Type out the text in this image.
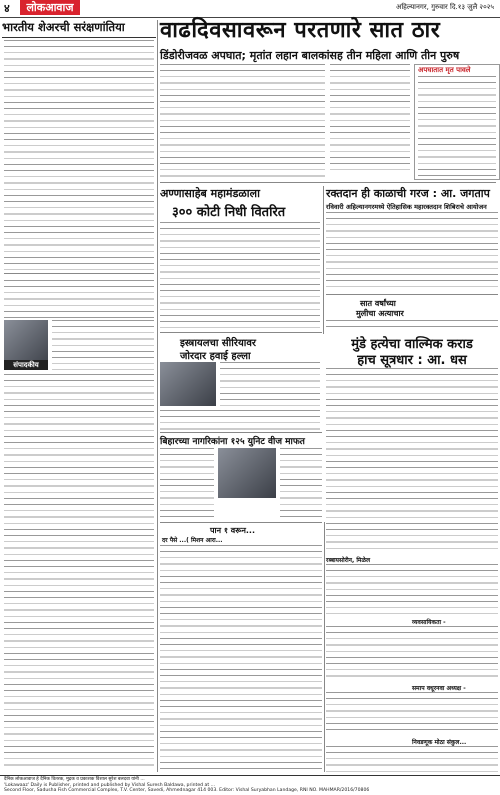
४	लोकआवाज	अहिल्यानगर, गुरुवार दि.१३ जुलै २०२५
भारतीय शेअरची सरंक्षणांतिया
संपादकीय
वाढदिवसावरून परतणारे सात ठार
डिंडोरीजवळ अपघात; मृतांत लहान बालकांसह तीन महिला आणि तीन पुरुष
अपघातात मृत पावले
अण्णासाहेब महामंडळाला
३०० कोटी निधी वितरित
रक्तदान ही काळाची गरज : आ. जगताप
रविवारी अहिल्यानगरमध्ये ऐतिहासिक महारक्तदान शिबिराचे आयोजन
इस्त्रायलचा सीरियावर
जोरदार हवाई हल्ला
सात वर्षांच्या
मुलीचा अत्याचार
मुंडे हत्येचा वाल्मिक कराड
हाच सूत्रधार : आ. धस
बिहारच्या नागरिकांना १२५ युनिट वीज माफत
पान १ वरून...
दर पैसे ...( मिशन आरा...
रब्बायसोरीन, मिळेल
व्यवसायिकता -
समाप वधूरनवा अध्यक्ष -
निवडणूक मोठा संकुल...
दैनिक लोकआवाज हे दैनिक वितरक, मुद्रक व प्रकाशक विशाल सुरेश बलदवा यांनी ...
'Lokawaaz' Daily is Publisher, printed and published by Vishal Suresh Baldawa, printed at ...
Second Floor, Sadusha Fish Commercial Complex, T.V. Center, Savedi, Ahmednagar 414 003. Editor: Vishal Suryabhan Landage, RNI NO. MAHMAR/2016/70806
